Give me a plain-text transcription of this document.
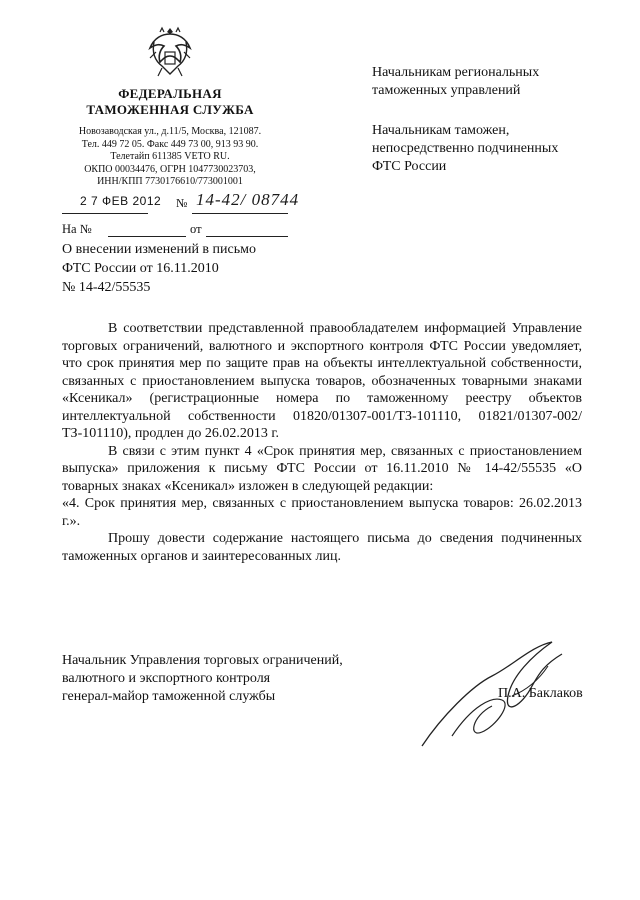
ФЕДЕРАЛЬНАЯ
ТАМОЖЕННАЯ СЛУЖБА
Новозаводская ул., д.11/5, Москва, 121087.
Тел. 449 72 05. Факс 449 73 00, 913 93 90.
Телетайп 611385 VETO RU.
ОКПО 00034476, ОГРН 1047730023703,
ИНН/КПП 7730176610/773001001
2 7 ФЕВ 2012 № 14-42/ 08744
На №	от
О внесении изменений в письмо
ФТС России от 16.11.2010
№ 14-42/55535
Начальникам региональных
таможенных управлений
Начальникам таможен,
непосредственно подчиненных
ФТС России

В соответствии представленной правообладателем информацией Управление торговых ограничений, валютного и экспортного контроля ФТС России уведомляет, что срок принятия мер по защите прав на объекты интеллектуальной собственности, связанных с приостановлением выпуска товаров, обозначенных товарными знаками «Ксеникал» (регистрационные номера по таможенному реестру объектов интеллектуальной собственности 01820/01307-001/ТЗ-101110, 01821/01307-002/ТЗ-101110), продлен до 26.02.2013 г.

В связи с этим пункт 4 «Срок принятия мер, связанных с приостановлением выпуска» приложения к письму ФТС России от 16.11.2010 № 14-42/55535 «О товарных знаках «Ксеникал» изложен в следующей редакции:

«4. Срок принятия мер, связанных с приостановлением выпуска товаров: 26.02.2013 г.».

Прошу довести содержание настоящего письма до сведения подчиненных таможенных органов и заинтересованных лиц.

Начальник Управления торговых ограничений,
валютного и экспортного контроля
генерал-майор таможенной службы	П.А. Баклаков
